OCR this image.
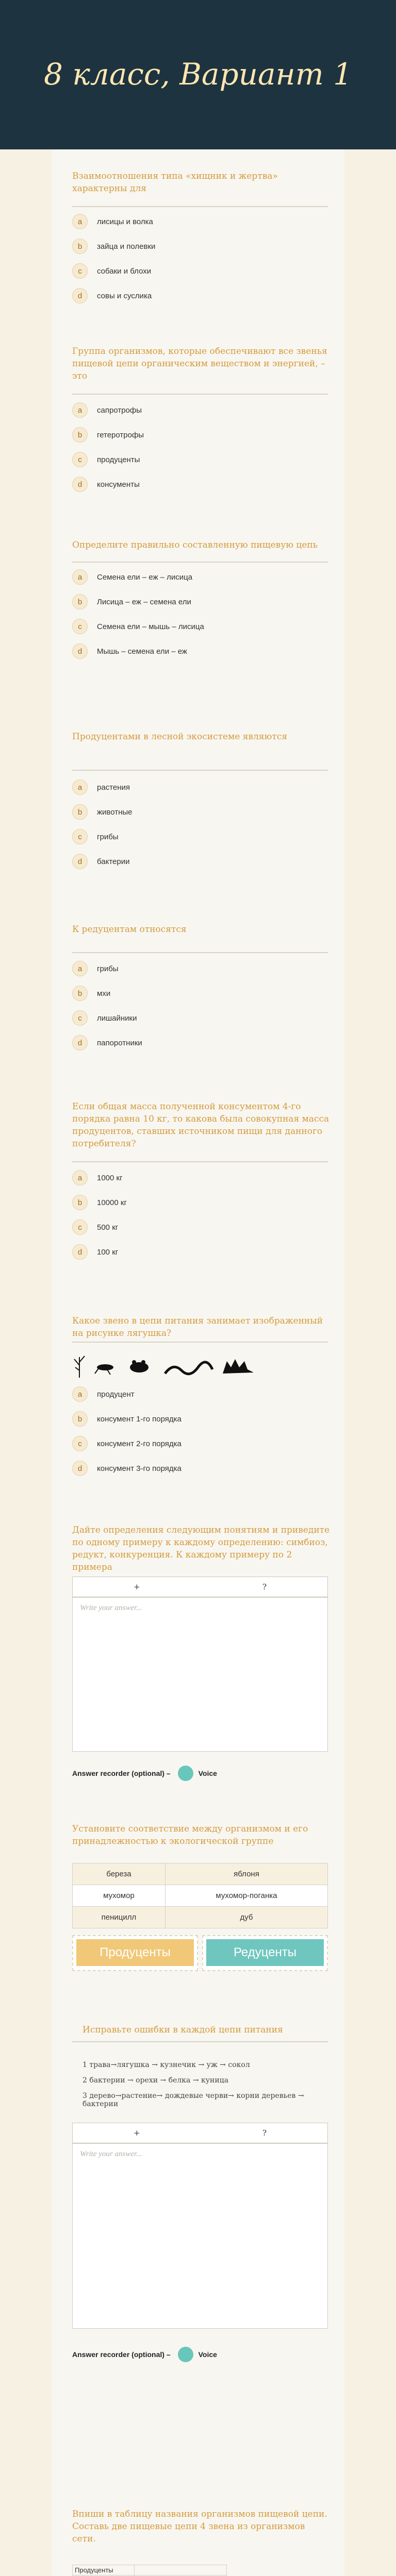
8 класс, Вариант 1
Взаимоотношения типа «хищник и жертва» характерны для
a	лисицы и волка
b	зайца и полевки
c	собаки и блохи
d	совы и суслика
Группа организмов, которые обеспечивают все звенья пищевой цепи органическим веществом и энергией, – это
a	сапротрофы
b	гетеротрофы
c	продуценты
d	консументы
Определите правильно составленную пищевую цепь
a	Семена ели – еж – лисица
b	Лисица – еж – семена ели
c	Семена ели – мышь – лисица
d	Мышь – семена ели – еж
Продуцентами в лесной экосистеме являются
a	растения
b	животные
c	грибы
d	бактерии
К редуцентам относятся
a	грибы
b	мхи
c	лишайники
d	папоротники
Если общая масса полученной консументом 4-го порядка равна 10 кг, то какова была совокупная масса продуцентов, ставших источником пищи для данного потребителя?
a	1000 кг
b	10000 кг
c	500 кг
d	100 кг
Какое звено в цепи питания занимает изображенный на рисунке лягушка?
a	продуцент
b	консумент 1-го порядка
c	консумент 2-го порядка
d	консумент 3-го порядка
Дайте определения следующим понятиям и приведите по одному примеру к каждому определению: симбиоз, редукт, конкуренция. К каждому примеру по 2 примера
+	?
Write your answer...
Answer recorder (optional) –	Voice
Установите соответствие между организмом и его принадлежностью к экологической группе
береза	яблоня
мухомор	мухомор-поганка
пеницилл	дуб
Продуценты	Редуценты
Исправьте ошибки в каждой цепи питания
1 трава→лягушка → кузнечик → уж → сокол
2 бактерии → орехи → белка → куница
3 дерево→растение→ дождевые черви→ корни деревьев → бактерии
+	?
Write your answer...
Answer recorder (optional) –	Voice
Впиши в таблицу названия организмов пищевой цепи. Составь две пищевые цепи 4 звена из организмов сети.
Продуценты	
